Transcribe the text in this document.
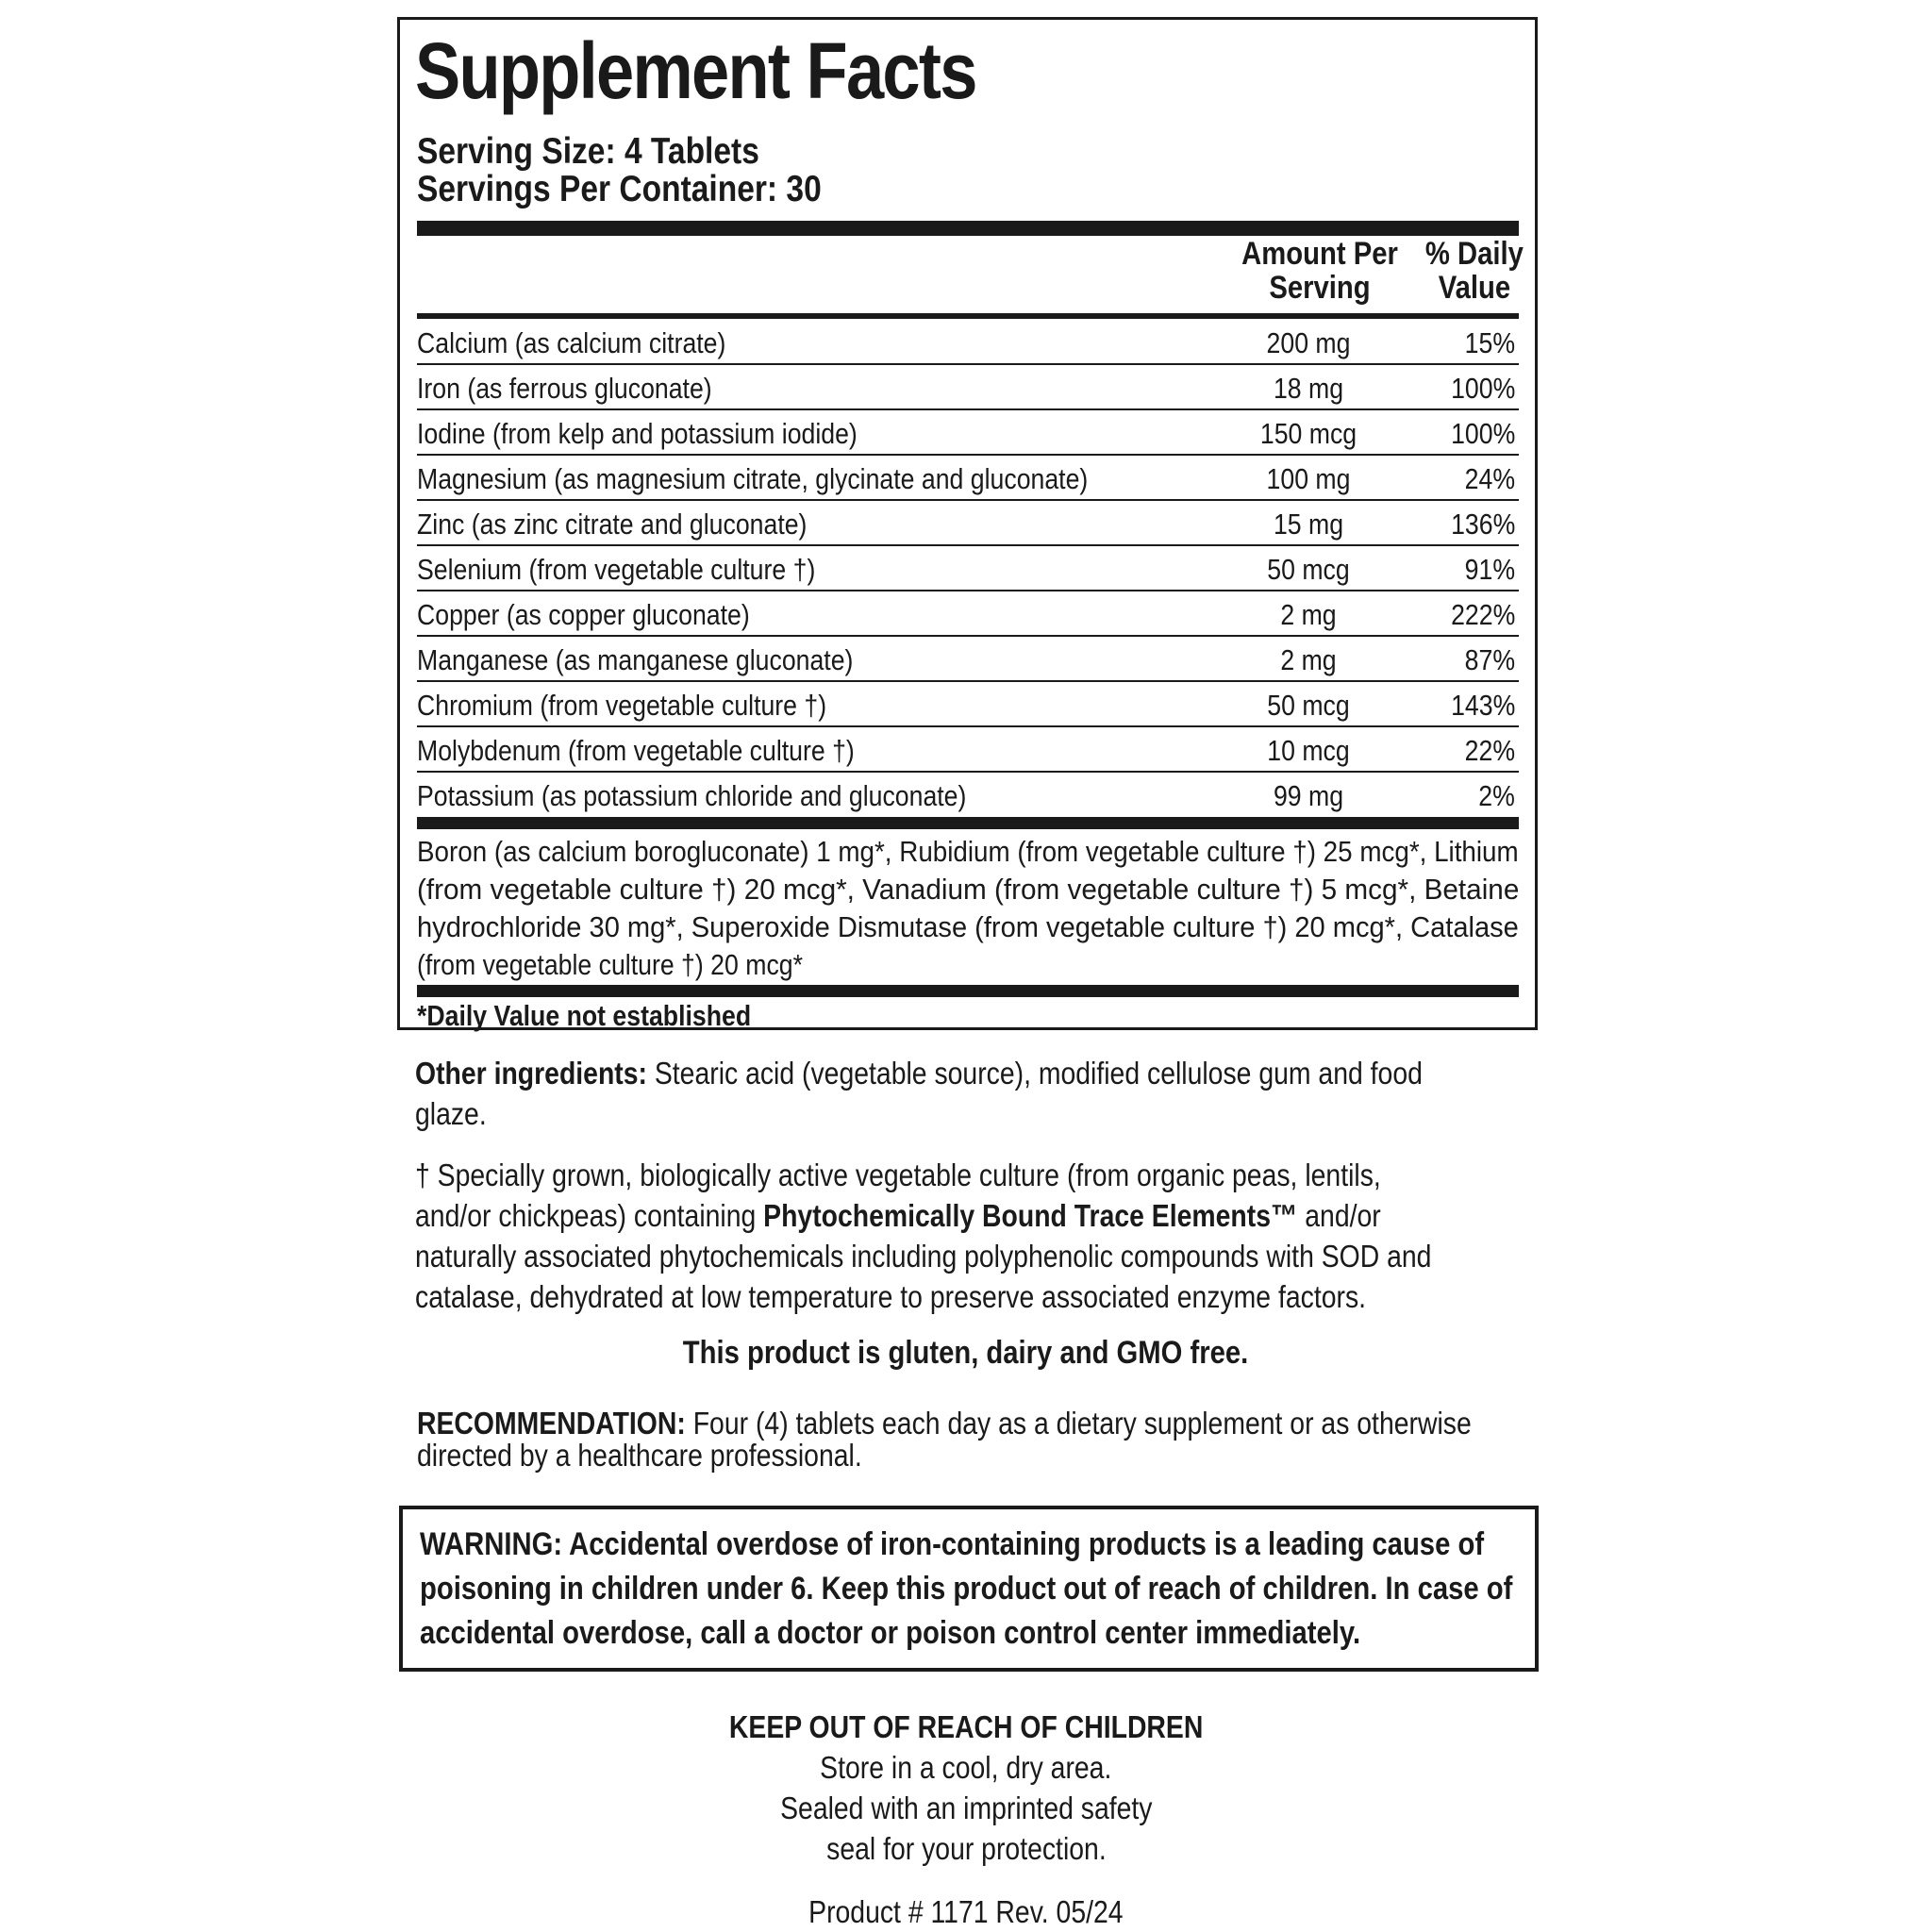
Supplement Facts
Serving Size: 4 Tablets
Servings Per Container: 30
Amount Per
Serving
% Daily
Value
Calcium (as calcium citrate)	200 mg	15%
Iron (as ferrous gluconate)	18 mg	100%
Iodine (from kelp and potassium iodide)	150 mcg	100%
Magnesium (as magnesium citrate, glycinate and gluconate)	100 mg	24%
Zinc (as zinc citrate and gluconate)	15 mg	136%
Selenium (from vegetable culture †)	50 mcg	91%
Copper (as copper gluconate)	2 mg	222%
Manganese (as manganese gluconate)	2 mg	87%
Chromium (from vegetable culture †)	50 mcg	143%
Molybdenum (from vegetable culture †)	10 mcg	22%
Potassium (as potassium chloride and gluconate)	99 mg	2%
Boron (as calcium borogluconate) 1 mg*, Rubidium (from vegetable culture †) 25 mcg*, Lithium
(from vegetable culture †) 20 mcg*, Vanadium (from vegetable culture †) 5 mcg*, Betaine
hydrochloride 30 mg*, Superoxide Dismutase (from vegetable culture †) 20 mcg*, Catalase
(from vegetable culture †) 20 mcg*
*Daily Value not established
Other ingredients: Stearic acid (vegetable source), modified cellulose gum and food
glaze.
† Specially grown, biologically active vegetable culture (from organic peas, lentils,
and/or chickpeas) containing Phytochemically Bound Trace Elements™ and/or
naturally associated phytochemicals including polyphenolic compounds with SOD and
catalase, dehydrated at low temperature to preserve associated enzyme factors.
This product is gluten, dairy and GMO free.
RECOMMENDATION: Four (4) tablets each day as a dietary supplement or as otherwise
directed by a healthcare professional.
WARNING: Accidental overdose of iron-containing products is a leading cause of
poisoning in children under 6. Keep this product out of reach of children. In case of
accidental overdose, call a doctor or poison control center immediately.
KEEP OUT OF REACH OF CHILDREN
Store in a cool, dry area.
Sealed with an imprinted safety
seal for your protection.
Product # 1171 Rev. 05/24
